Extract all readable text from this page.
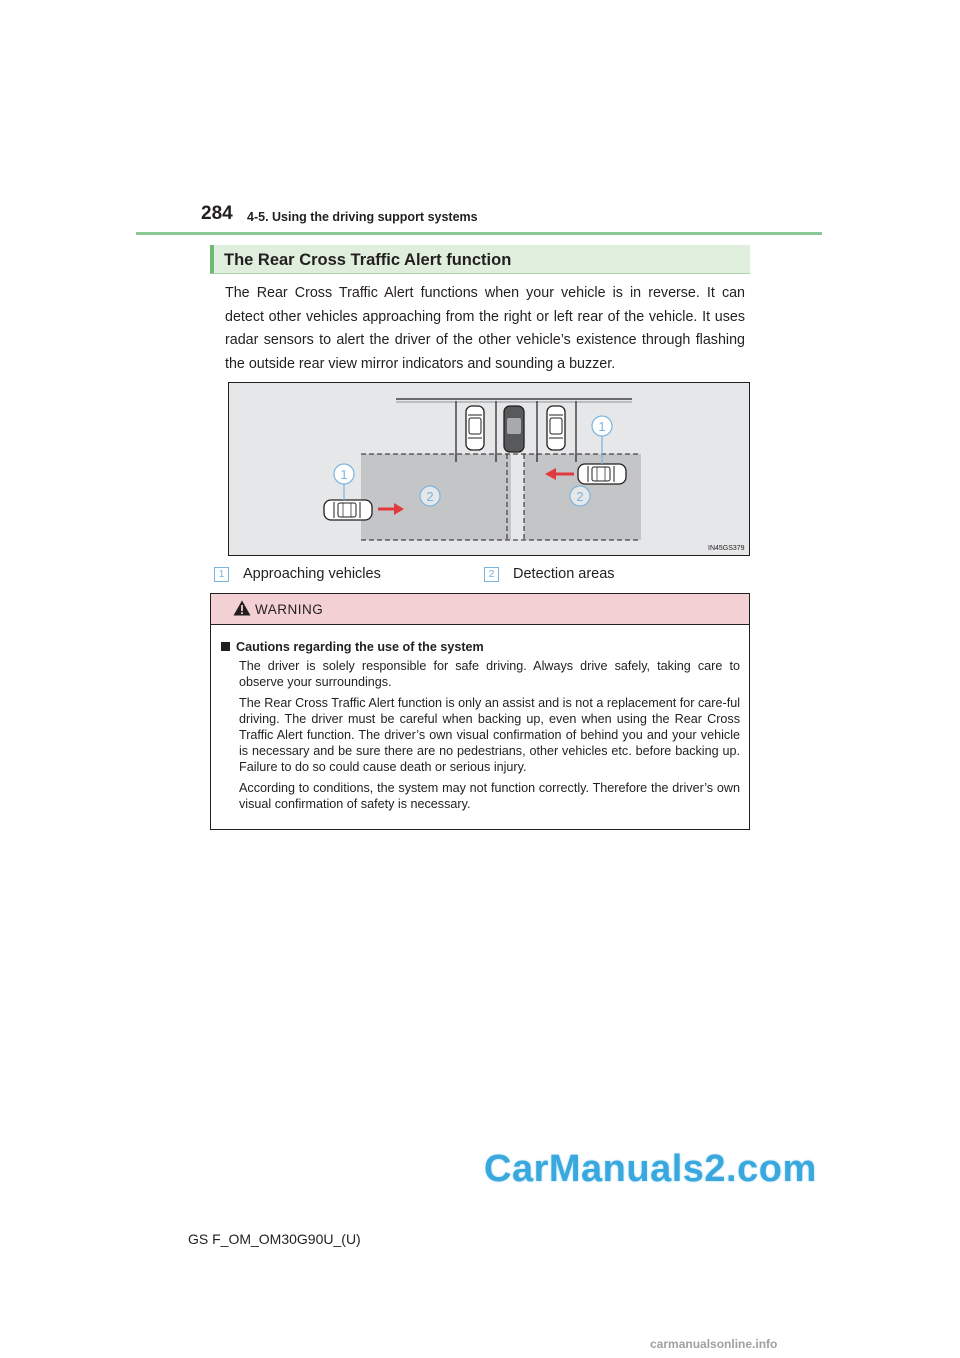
284 4-5. Using the driving support systems
The Rear Cross Traffic Alert function
The Rear Cross Traffic Alert functions when your vehicle is in reverse. It can detect other vehicles approaching from the right or left rear of the vehicle. It uses radar sensors to alert the driver of the other vehicle’s existence through flashing the outside rear view mirror indicators and sounding a buzzer.
1
1
2	2
IN45GS379
1	Approaching vehicles	2	Detection areas
WARNING
Cautions regarding the use of the system

The driver is solely responsible for safe driving. Always drive safely, taking care to observe your surroundings.

The Rear Cross Traffic Alert function is only an assist and is not a replacement for care-ful driving. The driver must be careful when backing up, even when using the Rear Cross Traffic Alert function. The driver’s own visual confirmation of behind you and your vehicle is necessary and be sure there are no pedestrians, other vehicles etc. before backing up. Failure to do so could cause death or serious injury.

According to conditions, the system may not function correctly. Therefore the driver’s own visual confirmation of safety is necessary.

CarManuals2.com
GS F_OM_OM30G90U_(U)
carmanualsonline.info
